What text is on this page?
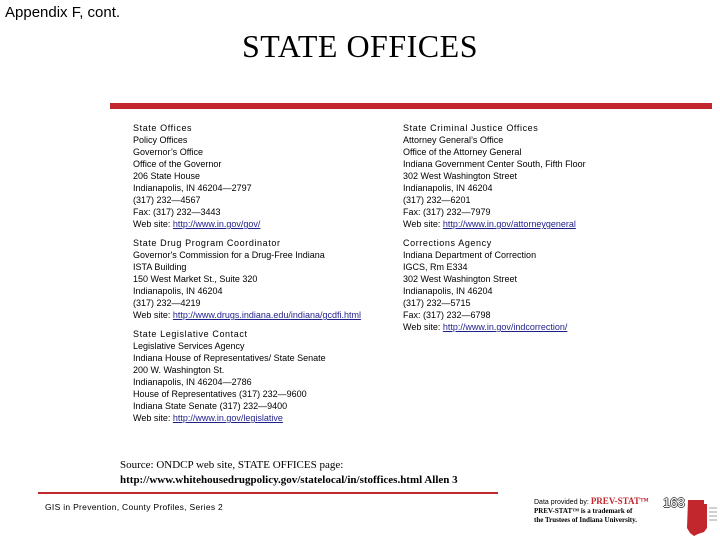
Appendix F, cont.
STATE OFFICES
State Offices
Policy Offices
Governor’s Office
Office of the Governor
206 State House
Indianapolis, IN 46204—2797
(317) 232—4567
Fax: (317) 232—3443
Web site: http://www.in.gov/gov/
State Drug Program Coordinator
Governor's Commission for a Drug-Free Indiana
ISTA Building
150 West Market St., Suite 320
Indianapolis, IN 46204
(317) 232—4219
Web site: http://www.drugs.indiana.edu/indiana/gcdfi.html
State Legislative Contact
Legislative Services Agency
Indiana House of Representatives/ State Senate
200 W. Washington St.
Indianapolis, IN 46204—2786
House of Representatives (317) 232—9600
Indiana State Senate (317) 232—9400
Web site: http://www.in.gov/legislative
State Criminal Justice Offices
Attorney General’s Office
Office of the Attorney General
Indiana Government Center South, Fifth Floor
302 West Washington Street
Indianapolis, IN 46204
(317) 232—6201
Fax: (317) 232—7979
Web site: http://www.in.gov/attorneygeneral
Corrections Agency
Indiana Department of Correction
IGCS, Rm E334
302 West Washington Street
Indianapolis, IN 46204
(317) 232—5715
Fax: (317) 232—6798
Web site: http://www.in.gov/indcorrection/
Source: ONDCP web site, STATE OFFICES page:
http://www.whitehousedrugpolicy.gov/statelocal/in/stoffices.html Allen 3
GIS in Prevention, County Profiles, Series 2	Data provided by: PREV-STAT™
PREV-STAT™ is a trademark of
the Trustees of Indiana University.
163
